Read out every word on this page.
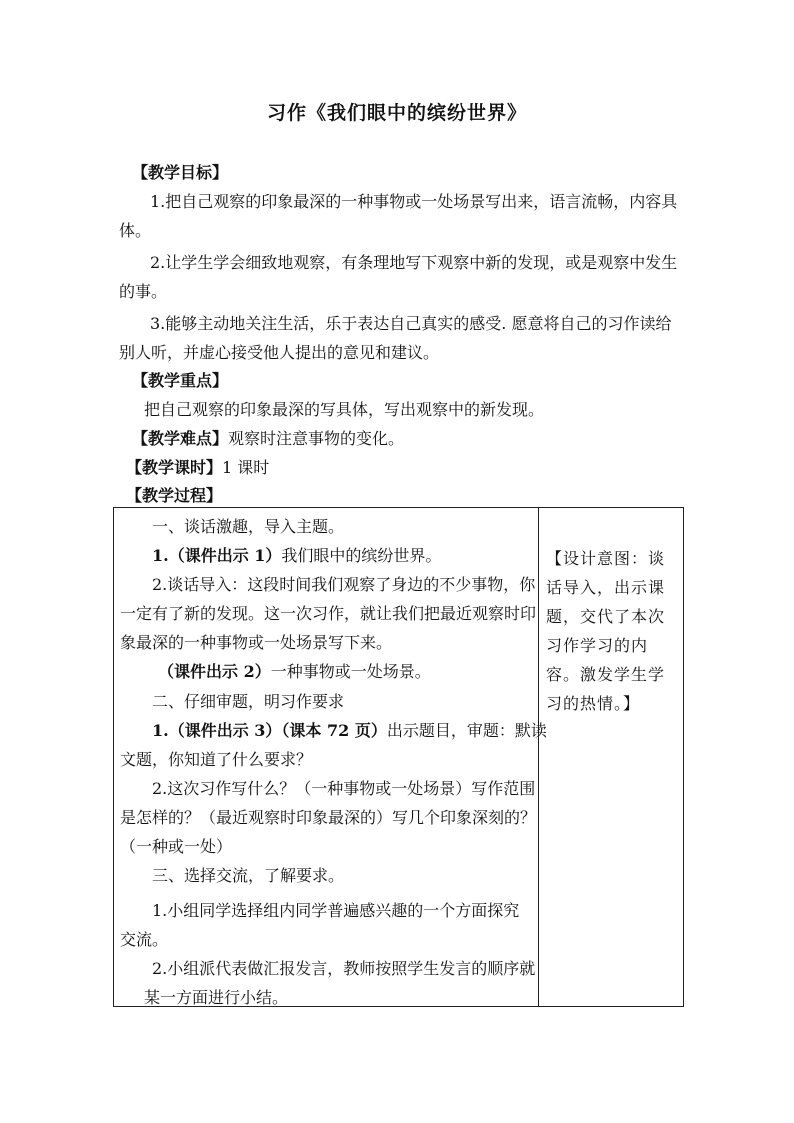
习作《我们眼中的缤纷世界》
【教学目标】
1.把自己观察的印象最深的一种事物或一处场景写出来，语言流畅，内容具
体。
2.让学生学会细致地观察，有条理地写下观察中新的发现，或是观察中发生
的事。
3.能够主动地关注生活，乐于表达自己真实的感受. 愿意将自己的习作读给
别人听，并虚心接受他人提出的意见和建议。
【教学重点】
把自己观察的印象最深的写具体，写出观察中的新发现。
【教学难点】观察时注意事物的变化。
【教学课时】1 课时
【教学过程】
一、谈话激趣，导入主题。
1.（课件出示 1）我们眼中的缤纷世界。
2.谈话导入：这段时间我们观察了身边的不少事物，你
一定有了新的发现。这一次习作，就让我们把最近观察时印
象最深的一种事物或一处场景写下来。
（课件出示 2）一种事物或一处场景。
二、仔细审题，明习作要求
1.（课件出示 3）（课本 72 页）出示题目，审题：默读
文题，你知道了什么要求？
2.这次习作写什么？（一种事物或一处场景）写作范围
是怎样的？（最近观察时印象最深的）写几个印象深刻的？
（一种或一处）
三、选择交流，了解要求。
1.小组同学选择组内同学普遍感兴趣的一个方面探究
交流。
2.小组派代表做汇报发言，教师按照学生发言的顺序就
某一方面进行小结。

【设计意图：谈话导入，出示课题，交代了本次习作学习的内容。激发学生学习的热情。】
